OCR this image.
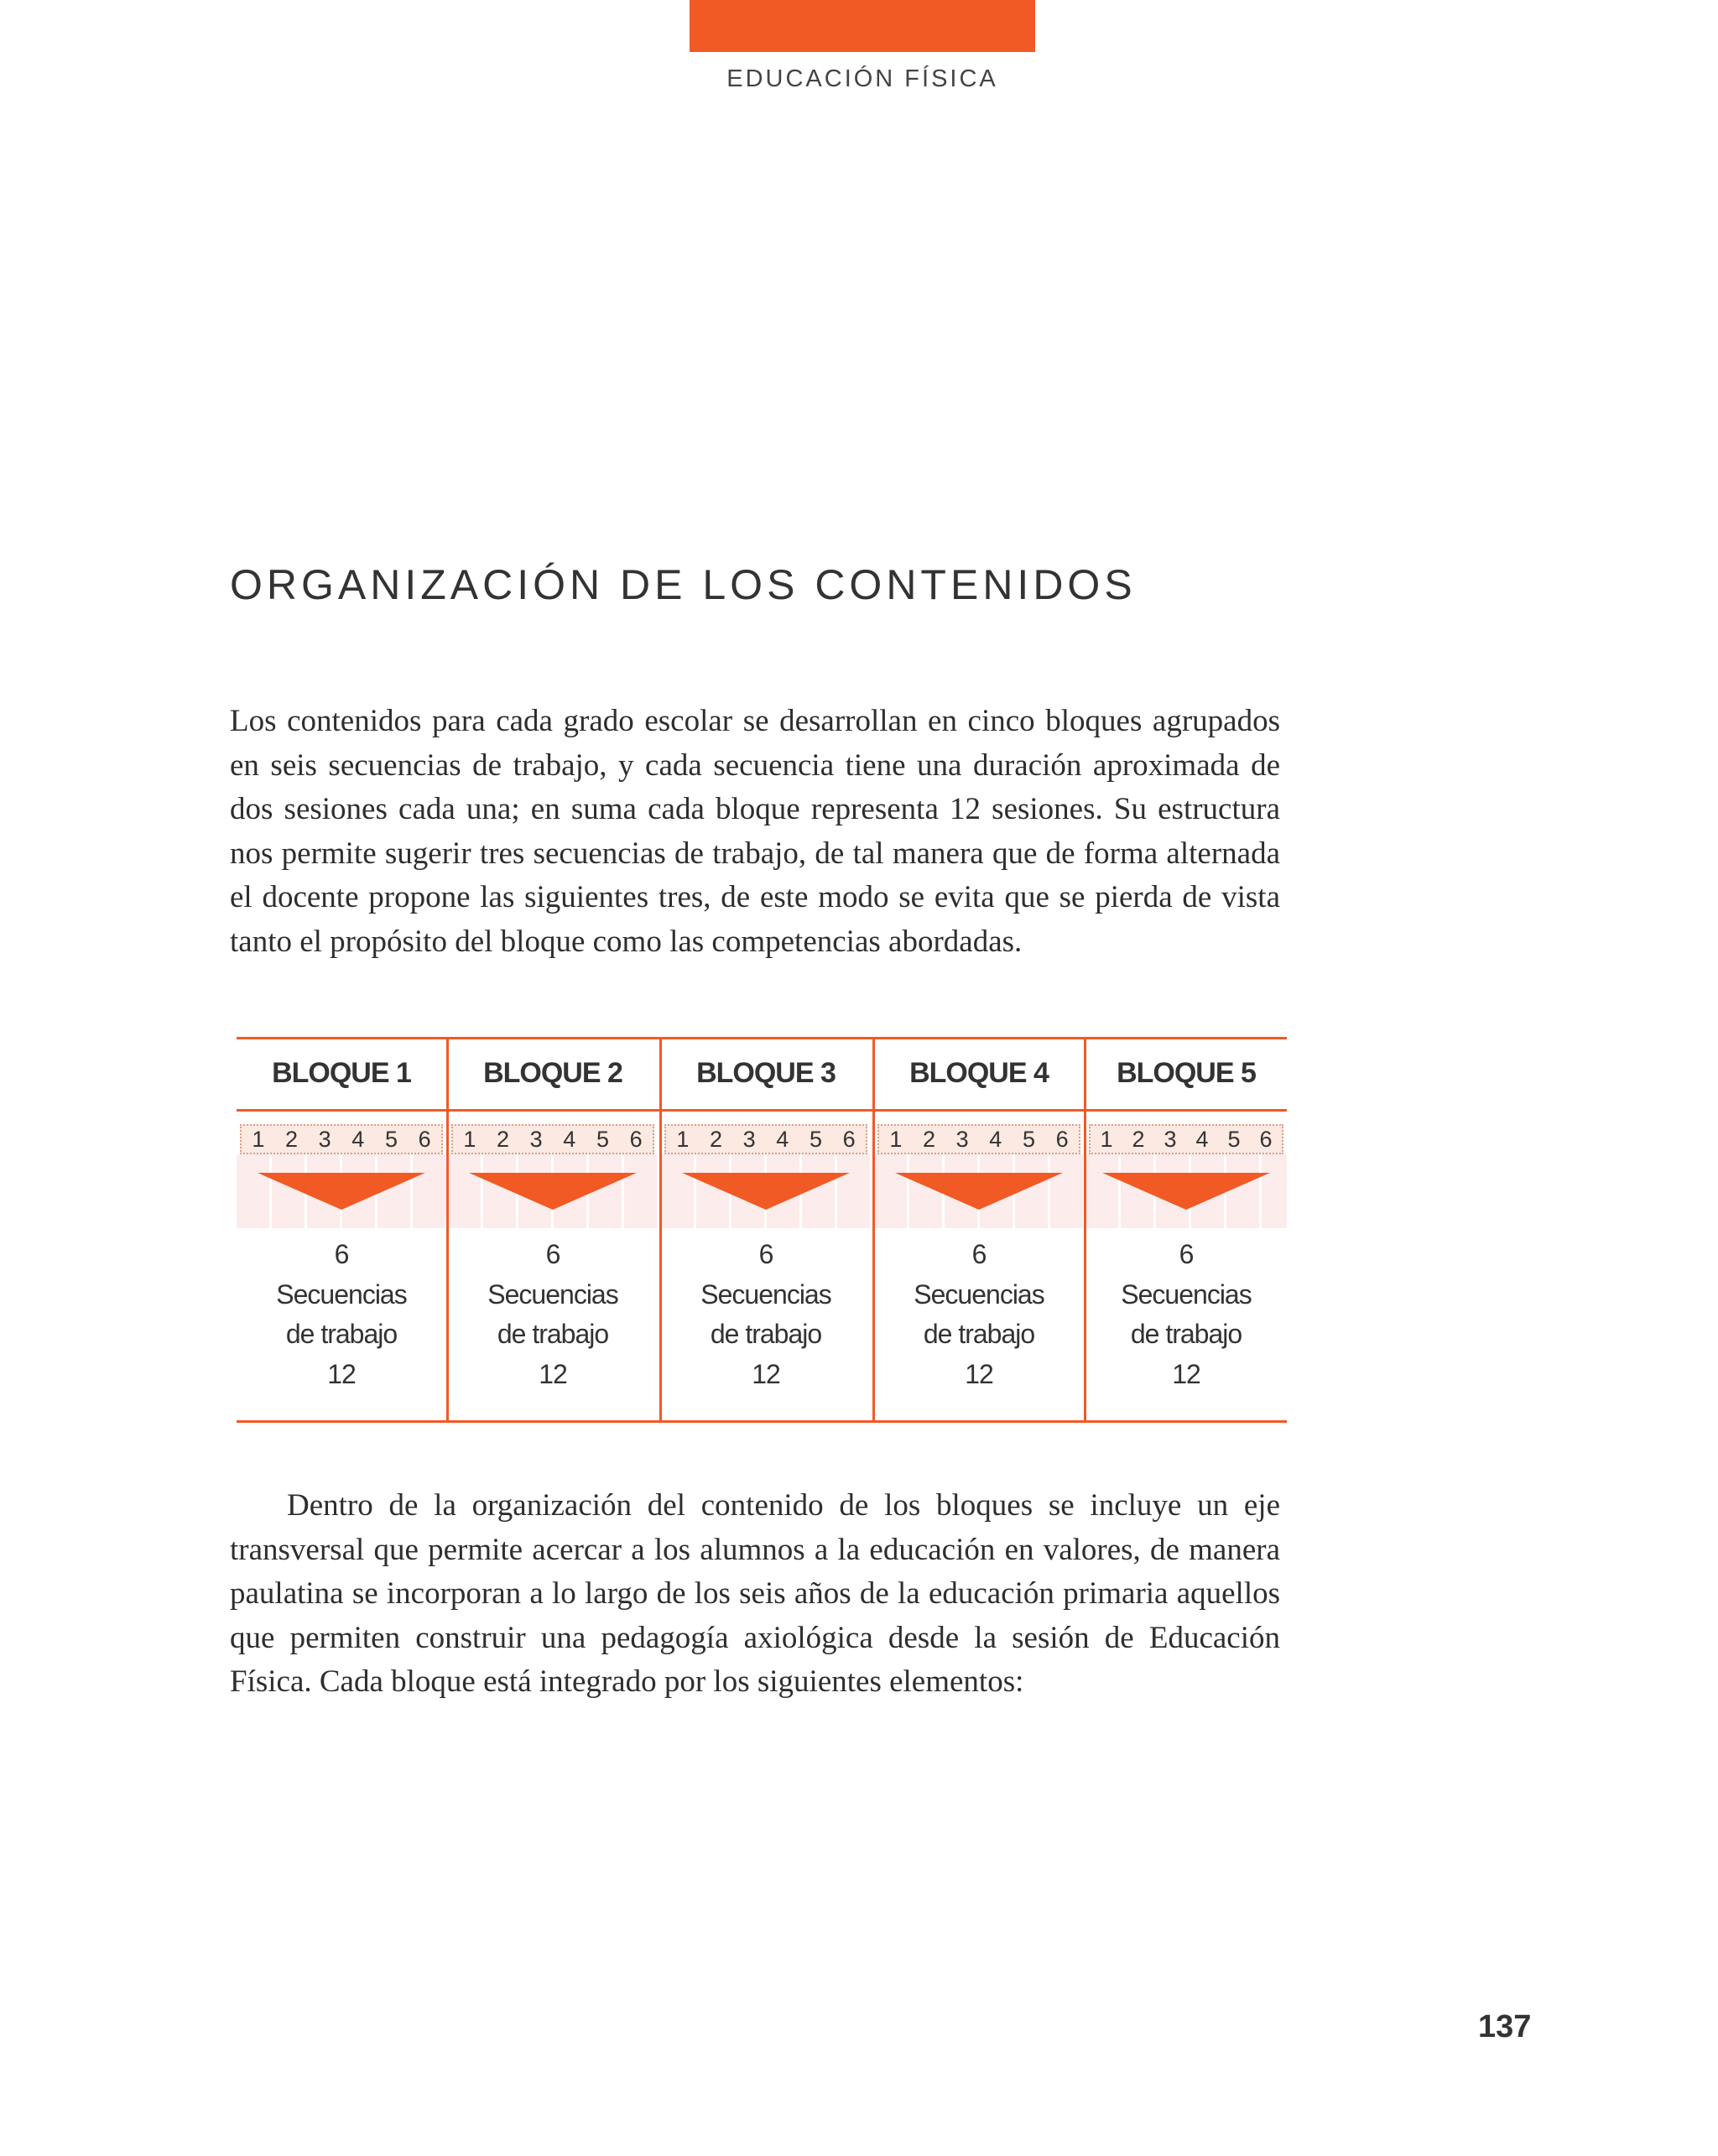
EDUCACIÓN FÍSICA
ORGANIZACIÓN DE LOS CONTENIDOS

Los contenidos para cada grado escolar se desarrollan en cinco bloques agrupados en seis secuencias de trabajo, y cada secuencia tiene una duración aproximada de dos sesiones cada una; en suma cada bloque representa 12 sesiones. Su estructura nos permite sugerir tres secuencias de trabajo, de tal manera que de forma alternada el docente propone las siguientes tres, de este modo se evita que se pierda de vista tanto el propósito del bloque como las competencias abordadas.

BLOQUE 1
1 2 3 4 5 6
6
Secuencias
de trabajo
12
BLOQUE 2
1 2 3 4 5 6
6
Secuencias
de trabajo
12
BLOQUE 3
1 2 3 4 5 6
6
Secuencias
de trabajo
12
BLOQUE 4
1 2 3 4 5 6
6
Secuencias
de trabajo
12
BLOQUE 5
1 2 3 4 5 6
6
Secuencias
de trabajo
12

Dentro de la organización del contenido de los bloques se incluye un eje transversal que permite acercar a los alumnos a la educación en valores, de manera paulatina se incorporan a lo largo de los seis años de la educación primaria aquellos que permiten construir una pedagogía axiológica desde la sesión de Educación Física. Cada bloque está integrado por los siguientes elementos:

137
